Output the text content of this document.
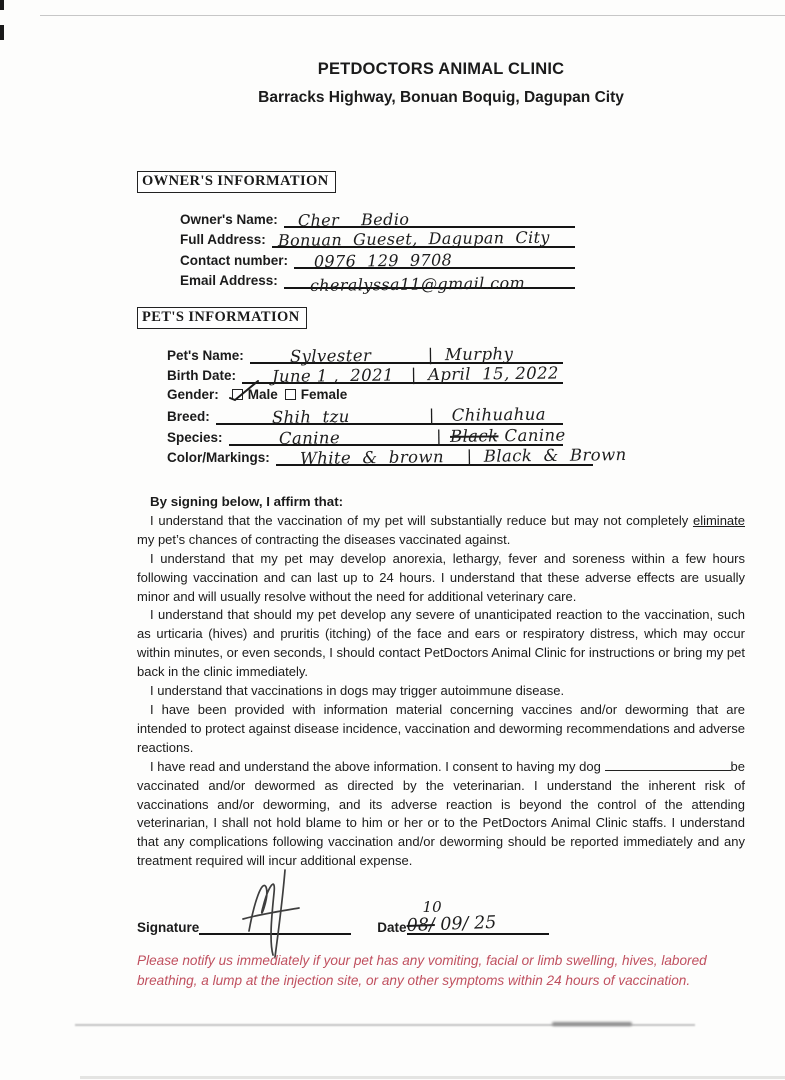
PETDOCTORS ANIMAL CLINIC
Barracks Highway, Bonuan Boquig, Dagupan City
OWNER'S INFORMATION
Owner's Name:	Cher    Bedio
Full Address: Bonuan  Gueset,  Dagupan  City
Contact number:	0976  129  9708
Email Address:	cheralyssa11@gmail.com
PET'S INFORMATION
Pet's Name:	Sylvester          |  Murphy
Birth Date:	June 1 ,  2021   |  April  15, 2022
Gender:	Male Female
Breed:	Shih  tzu              |   Chihuahua
Species:	Canine	| Black Canine
Color/Markings:	White  &  brown    |  Black  &  Brown

By signing below, I affirm that:

I understand that the vaccination of my pet will substantially reduce but may not completely eliminate my pet’s chances of contracting the diseases vaccinated against.

I understand that my pet may develop anorexia, lethargy, fever and soreness within a few hours following vaccination and can last up to 24 hours. I understand that these adverse effects are usually minor and will usually resolve without the need for additional veterinary care.

I understand that should my pet develop any severe of unanticipated reaction to the vaccination, such as urticaria (hives) and pruritis (itching) of the face and ears or respiratory distress, which may occur within minutes, or even seconds, I should contact PetDoctors Animal Clinic for instructions or bring my pet back in the clinic immediately.

I understand that vaccinations in dogs may trigger autoimmune disease.

I have been provided with information material concerning vaccines and/or deworming that are intended to protect against disease incidence, vaccination and deworming recommendations and adverse reactions.

I have read and understand the above information. I consent to having my dog	be vaccinated and/or dewormed as directed by the veterinarian. I understand the inherent risk of vaccinations and/or deworming, and its adverse reaction is beyond the control of the attending veterinarian, I shall not hold blame to him or her or to the PetDoctors Animal Clinic staffs. I understand that any complications following vaccination and/or deworming should be reported immediately and any treatment required will incur additional expense.

Signature	Date
10
08/ 09/ 25
Please notify us immediately if your pet has any vomiting, facial or limb swelling, hives, labored breathing, a lump at the injection site, or any other symptoms within 24 hours of vaccination.
